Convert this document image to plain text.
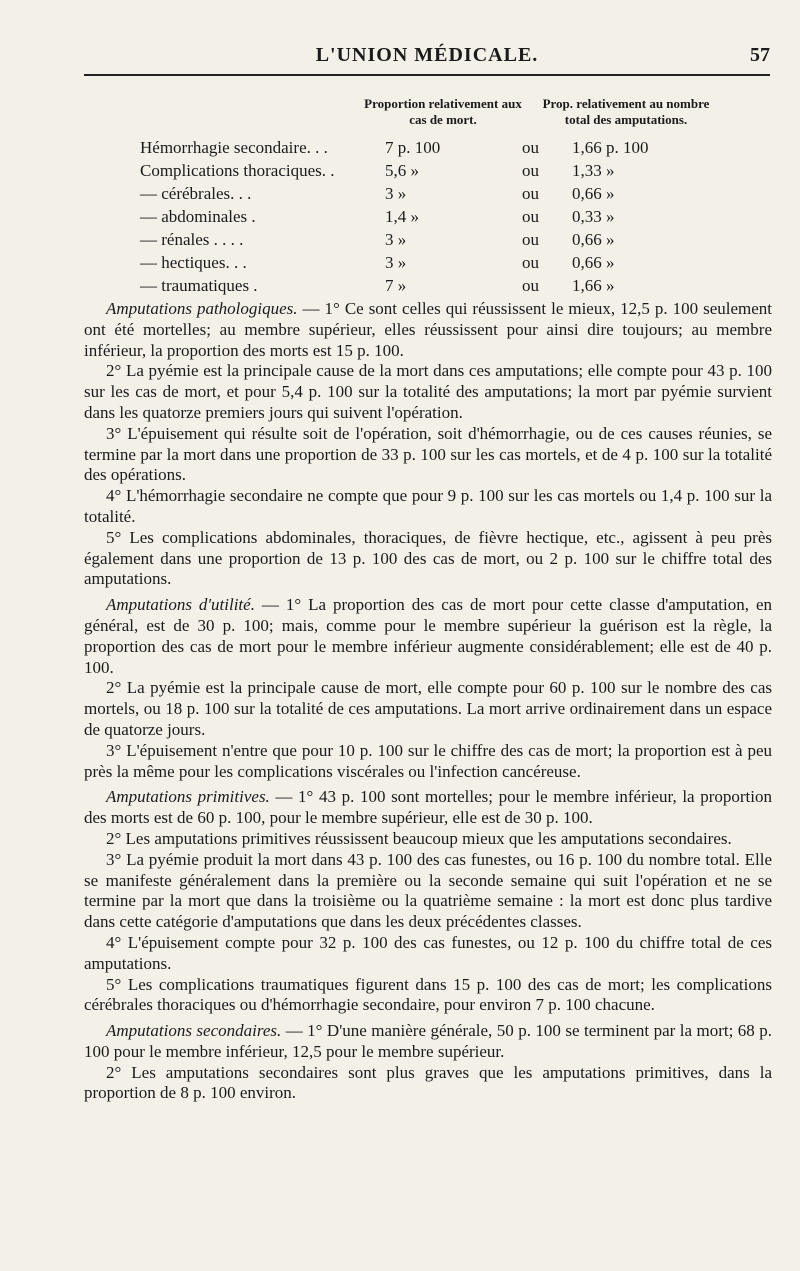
L'UNION MÉDICALE.	57
Proportion relativement aux cas de mort.
Prop. relativement au nombre total des amputations.
Hémorrhagie secondaire. . .	7 p. 100	ou 1,66 p. 100
Complications thoraciques. .	5,6 »	ou 1,33 »
— cérébrales. . .	3 »	ou 0,66 »
— abdominales .	1,4 »	ou 0,33 »
— rénales . . . .	3 »	ou 0,66 »
— hectiques. . .	3 »	ou 0,66 »
— traumatiques .	7 »	ou 1,66 »

Amputations pathologiques. — 1° Ce sont celles qui réussissent le mieux, 12,5 p. 100 seulement ont été mortelles; au membre supérieur, elles réussissent pour ainsi dire toujours; au membre inférieur, la proportion des morts est 15 p. 100.

2° La pyémie est la principale cause de la mort dans ces amputations; elle compte pour 43 p. 100 sur les cas de mort, et pour 5,4 p. 100 sur la totalité des amputations; la mort par pyémie survient dans les quatorze premiers jours qui suivent l'opération.

3° L'épuisement qui résulte soit de l'opération, soit d'hémorrhagie, ou de ces causes réunies, se termine par la mort dans une proportion de 33 p. 100 sur les cas mortels, et de 4 p. 100 sur la totalité des opérations.

4° L'hémorrhagie secondaire ne compte que pour 9 p. 100 sur les cas mortels ou 1,4 p. 100 sur la totalité.

5° Les complications abdominales, thoraciques, de fièvre hectique, etc., agissent à peu près également dans une proportion de 13 p. 100 des cas de mort, ou 2 p. 100 sur le chiffre total des amputations.

Amputations d'utilité. — 1° La proportion des cas de mort pour cette classe d'amputation, en général, est de 30 p. 100; mais, comme pour le membre supérieur la guérison est la règle, la proportion des cas de mort pour le membre inférieur augmente considérablement; elle est de 40 p. 100.

2° La pyémie est la principale cause de mort, elle compte pour 60 p. 100 sur le nombre des cas mortels, ou 18 p. 100 sur la totalité de ces amputations. La mort arrive ordinairement dans un espace de quatorze jours.

3° L'épuisement n'entre que pour 10 p. 100 sur le chiffre des cas de mort; la proportion est à peu près la même pour les complications viscérales ou l'infection cancéreuse.

Amputations primitives. — 1° 43 p. 100 sont mortelles; pour le membre inférieur, la proportion des morts est de 60 p. 100, pour le membre supérieur, elle est de 30 p. 100.

2° Les amputations primitives réussissent beaucoup mieux que les amputations secondaires.

3° La pyémie produit la mort dans 43 p. 100 des cas funestes, ou 16 p. 100 du nombre total. Elle se manifeste généralement dans la première ou la seconde semaine qui suit l'opération et ne se termine par la mort que dans la troisième ou la quatrième semaine : la mort est donc plus tardive dans cette catégorie d'amputations que dans les deux précédentes classes.

4° L'épuisement compte pour 32 p. 100 des cas funestes, ou 12 p. 100 du chiffre total de ces amputations.

5° Les complications traumatiques figurent dans 15 p. 100 des cas de mort; les complications cérébrales thoraciques ou d'hémorrhagie secondaire, pour environ 7 p. 100 chacune.

Amputations secondaires. — 1° D'une manière générale, 50 p. 100 se terminent par la mort; 68 p. 100 pour le membre inférieur, 12,5 pour le membre supérieur.

2° Les amputations secondaires sont plus graves que les amputations primitives, dans la proportion de 8 p. 100 environ.
